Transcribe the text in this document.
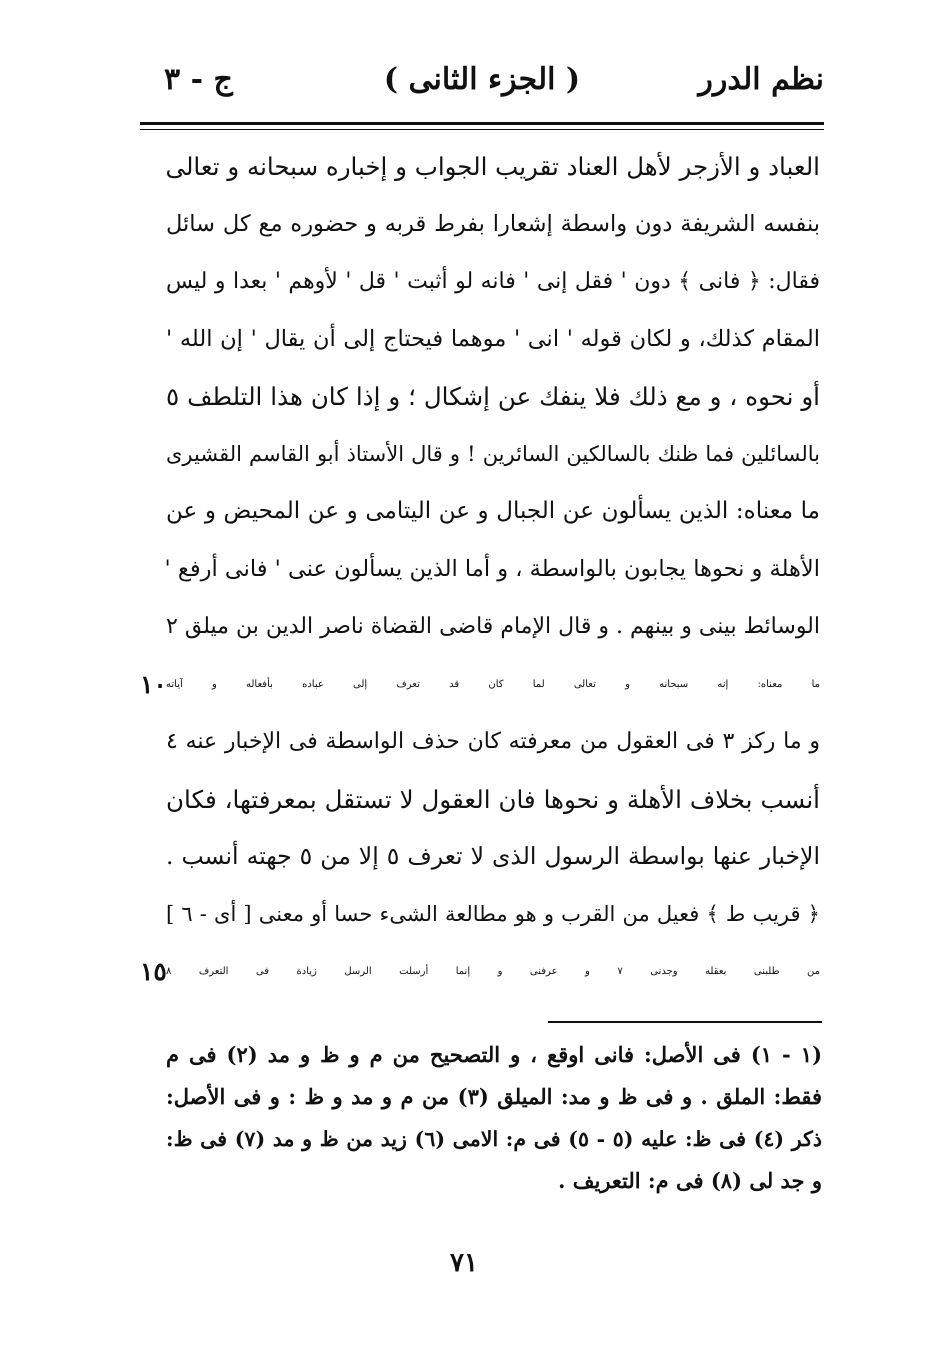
نظم الدرر
( الجزء الثانى )
ج - ٣
العباد و الأزجر لأهل العناد تقريب الجواب و إخباره سبحانه و تعالى
بنفسه الشريفة دون واسطة إشعارا بفرط قربه و حضوره مع كل سائل
فقال: ﴿ فانى ﴾ دون ' فقل إنى ' فانه لو أثبت ' قل ' لأوهم ' بعدا و ليس
المقام كذلك، و لكان قوله ' انى ' موهما فيحتاج إلى أن يقال ' إن الله '
أو نحوه ، و مع ذلك فلا ينفك عن إشكال ؛ و إذا كان هذا التلطف ٥
بالسائلين فما ظنك بالسالكين السائرين ! و قال الأستاذ أبو القاسم القشيرى
ما معناه: الذين يسألون عن الجبال و عن اليتامى و عن المحيض و عن
الأهلة و نحوها يجابون بالواسطة ، و أما الذين يسألون عنى ' فانى أرفع '
الوسائط بينى و بينهم . و قال الإمام قاضى القضاة ناصر الدين بن ميلق ٢
ما معناه: إنه سبحانه و تعالى لما كان قد تعرف إلى عباده بأفعاله و آياته
١٠
و ما ركز ٣ فى العقول من معرفته كان حذف الواسطة فى الإخبار عنه ٤
أنسب بخلاف الأهلة و نحوها فان العقول لا تستقل بمعرفتها، فكان
الإخبار عنها بواسطة الرسول الذى لا تعرف ٥ إلا من ٥ جهته أنسب .
﴿ قريب ط ﴾ فعيل من القرب و هو مطالعة الشىء حسا أو معنى [ أى - ٦ ]
من طلبنى بعقله وجدنى ٧ و عرفنى و إنما أرسلت الرسل زيادة فى التعرف ٨
١٥
(١ - ١) فى الأصل: فانى اوقع ، و التصحيح من م و ظ و مد (٢) فى م
فقط: الملق . و فى ظ و مد: الميلق (٣) من م و مد و ظ : و فى الأصل:
ذكر (٤) فى ظ: عليه (٥ - ٥) فى م: الامى (٦) زيد من ظ و مد (٧) فى ظ:
و جد لى (٨) فى م: التعريف .
٧١
